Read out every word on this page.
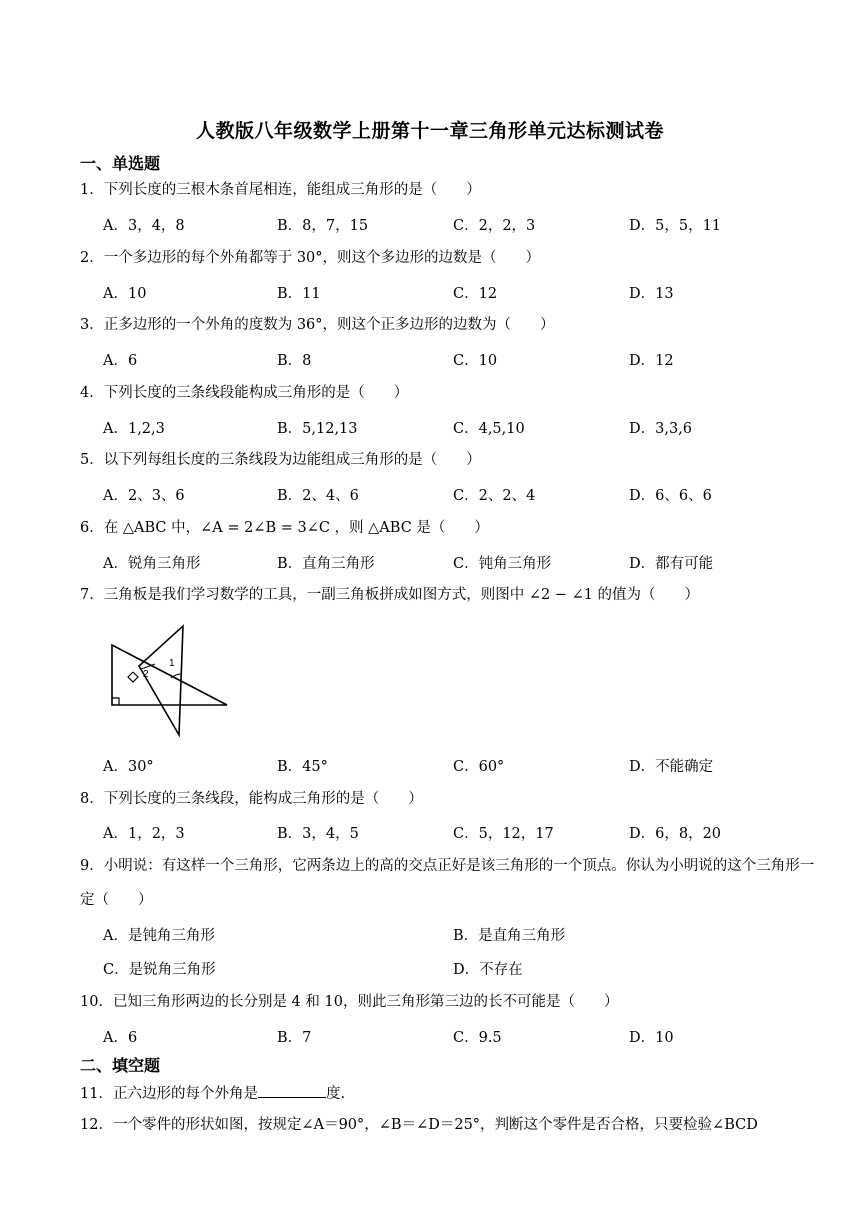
人教版八年级数学上册第十一章三角形单元达标测试卷
一、单选题
1．下列长度的三根木条首尾相连，能组成三角形的是（　　）
A．3，4，8	B．8，7，15	C．2，2，3	D．5，5，11
2．一个多边形的每个外角都等于 30°，则这个多边形的边数是（　　）
A．10	B．11	C．12	D．13
3．正多边形的一个外角的度数为 36°，则这个正多边形的边数为（　　）
A．6	B．8	C．10	D．12
4．下列长度的三条线段能构成三角形的是（　　）
A．1,2,3	B．5,12,13	C．4,5,10	D．3,3,6
5．以下列每组长度的三条线段为边能组成三角形的是（　　）
A．2、3、6	B．2、4、6	C．2、2、4	D．6、6、6
6．在 △ABC 中，∠A = 2∠B = 3∠C ，则 △ABC 是（　　）
A．锐角三角形	B．直角三角形	C．钝角三角形	D．都有可能
7．三角板是我们学习数学的工具，一副三角板拼成如图方式，则图中 ∠2 − ∠1 的值为（　　）
1
2
A．30°	B．45°	C．60°	D．不能确定
8．下列长度的三条线段，能构成三角形的是（　　）
A．1，2，3	B．3，4，5	C．5，12，17	D．6，8，20
9．小明说：有这样一个三角形，它两条边上的高的交点正好是该三角形的一个顶点。你认为小明说的这个三角形一定（　　）
A．是钝角三角形	B．是直角三角形
C．是锐角三角形	D．不存在
10．已知三角形两边的长分别是 4 和 10，则此三角形第三边的长不可能是（　　）
A．6	B．7	C．9.5	D．10
二、填空题
11．正六边形的每个外角是	度.
12．一个零件的形状如图，按规定∠A＝90°，∠B＝∠D＝25°，判断这个零件是否合格，只要检验∠BCD
